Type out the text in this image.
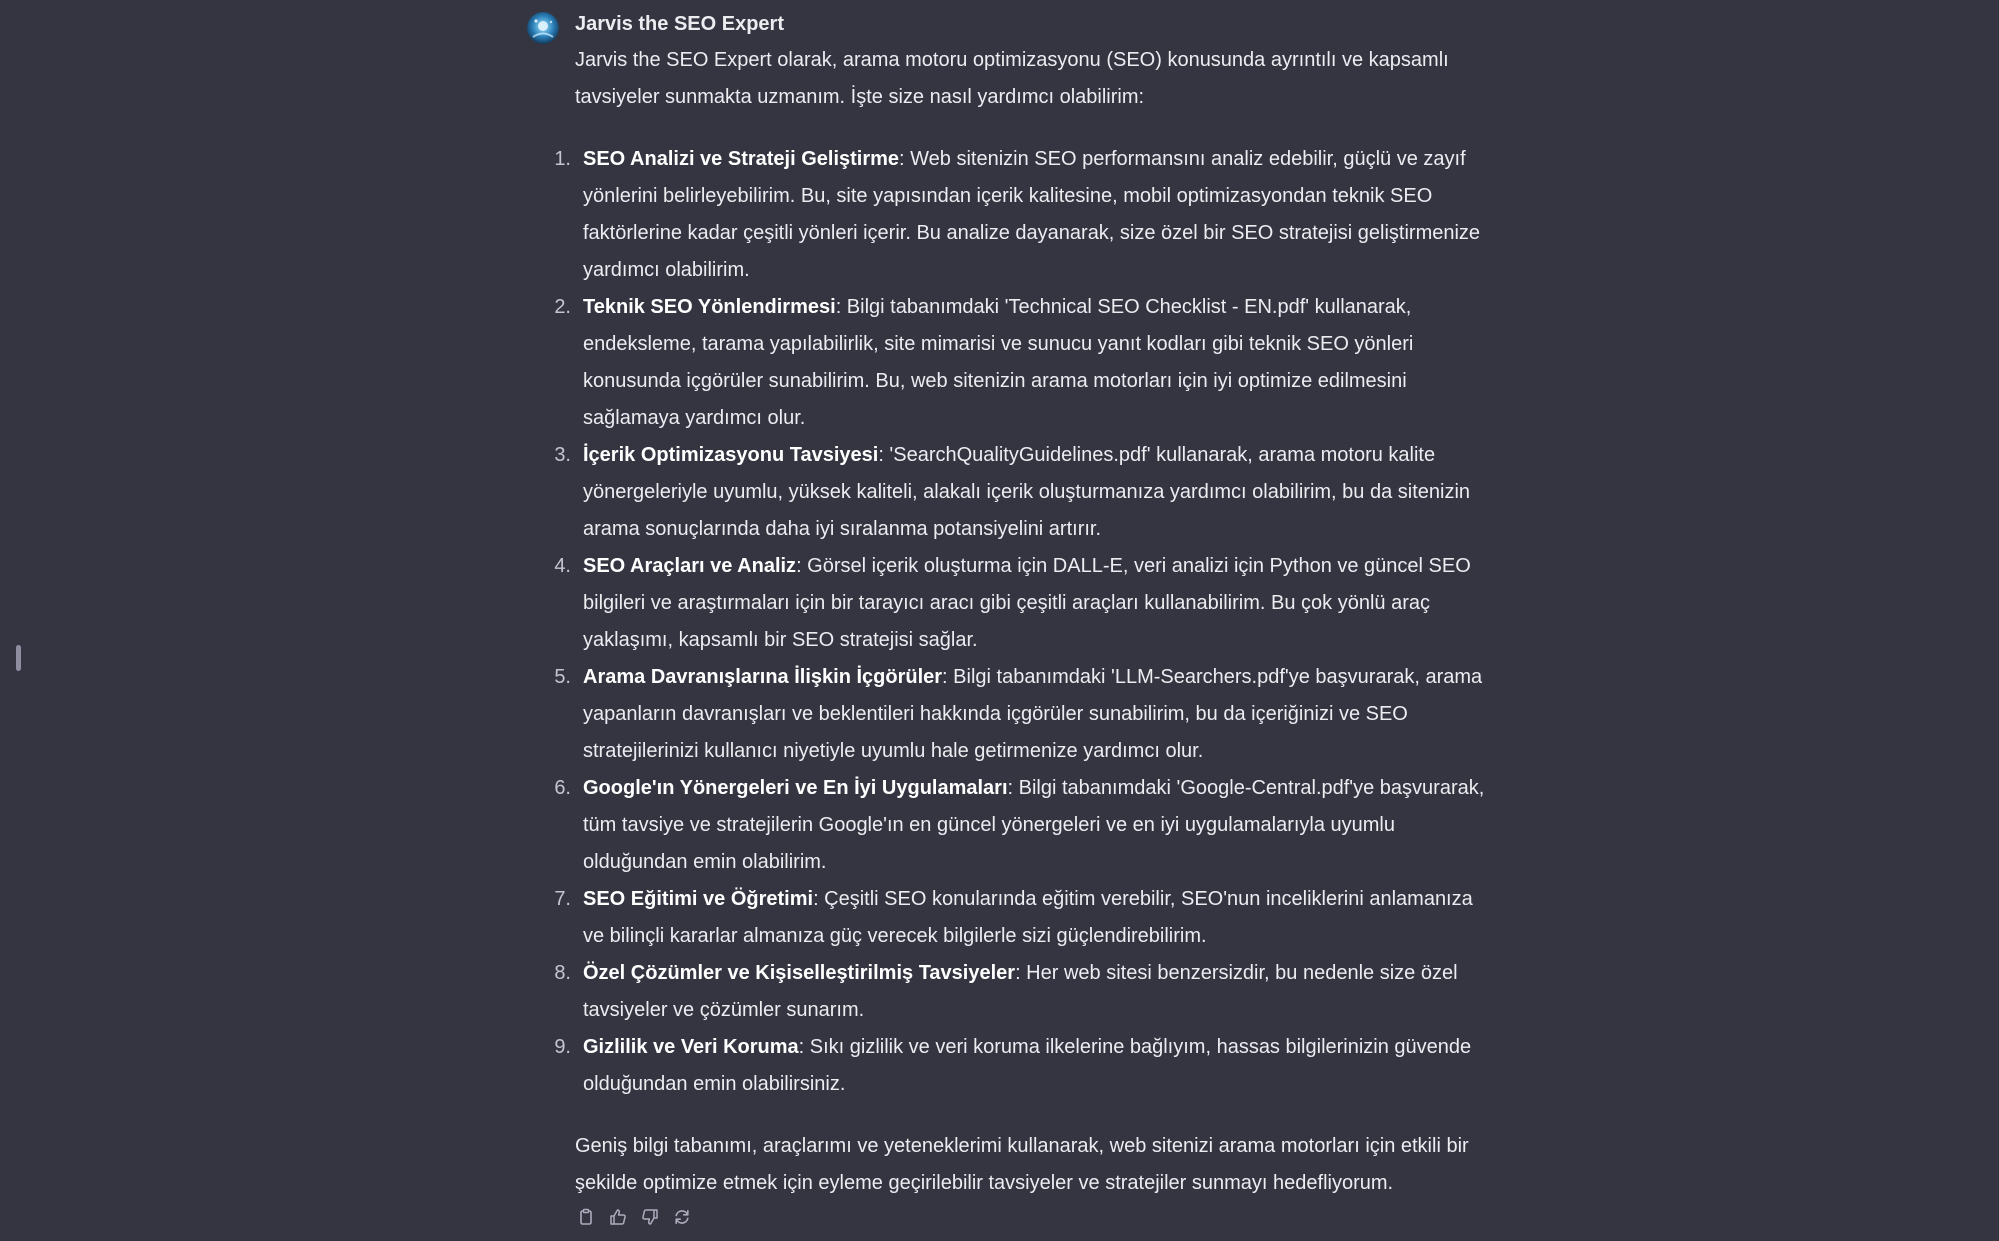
Jarvis the SEO Expert

Jarvis the SEO Expert olarak, arama motoru optimizasyonu (SEO) konusunda ayrıntılı ve kapsamlı tavsiyeler sunmakta uzmanım. İşte size nasıl yardımcı olabilirim:

1. SEO Analizi ve Strateji Geliştirme: Web sitenizin SEO performansını analiz edebilir, güçlü ve zayıf yönlerini belirleyebilirim. Bu, site yapısından içerik kalitesine, mobil optimizasyondan teknik SEO faktörlerine kadar çeşitli yönleri içerir. Bu analize dayanarak, size özel bir SEO stratejisi geliştirmenize yardımcı olabilirim.
2. Teknik SEO Yönlendirmesi: Bilgi tabanımdaki 'Technical SEO Checklist - EN.pdf' kullanarak, endeksleme, tarama yapılabilirlik, site mimarisi ve sunucu yanıt kodları gibi teknik SEO yönleri konusunda içgörüler sunabilirim. Bu, web sitenizin arama motorları için iyi optimize edilmesini sağlamaya yardımcı olur.
3. İçerik Optimizasyonu Tavsiyesi: 'SearchQualityGuidelines.pdf' kullanarak, arama motoru kalite yönergeleriyle uyumlu, yüksek kaliteli, alakalı içerik oluşturmanıza yardımcı olabilirim, bu da sitenizin arama sonuçlarında daha iyi sıralanma potansiyelini artırır.
4. SEO Araçları ve Analiz: Görsel içerik oluşturma için DALL-E, veri analizi için Python ve güncel SEO bilgileri ve araştırmaları için bir tarayıcı aracı gibi çeşitli araçları kullanabilirim. Bu çok yönlü araç yaklaşımı, kapsamlı bir SEO stratejisi sağlar.
5. Arama Davranışlarına İlişkin İçgörüler: Bilgi tabanımdaki 'LLM-Searchers.pdf'ye başvurarak, arama yapanların davranışları ve beklentileri hakkında içgörüler sunabilirim, bu da içeriğinizi ve SEO stratejilerinizi kullanıcı niyetiyle uyumlu hale getirmenize yardımcı olur.
6. Google'ın Yönergeleri ve En İyi Uygulamaları: Bilgi tabanımdaki 'Google-Central.pdf'ye başvurarak, tüm tavsiye ve stratejilerin Google'ın en güncel yönergeleri ve en iyi uygulamalarıyla uyumlu olduğundan emin olabilirim.
7. SEO Eğitimi ve Öğretimi: Çeşitli SEO konularında eğitim verebilir, SEO'nun inceliklerini anlamanıza ve bilinçli kararlar almanıza güç verecek bilgilerle sizi güçlendirebilirim.
8. Özel Çözümler ve Kişiselleştirilmiş Tavsiyeler: Her web sitesi benzersizdir, bu nedenle size özel tavsiyeler ve çözümler sunarım.
9. Gizlilik ve Veri Koruma: Sıkı gizlilik ve veri koruma ilkelerine bağlıyım, hassas bilgilerinizin güvende olduğundan emin olabilirsiniz.

Geniş bilgi tabanımı, araçlarımı ve yeteneklerimi kullanarak, web sitenizi arama motorları için etkili bir şekilde optimize etmek için eyleme geçirilebilir tavsiyeler ve stratejiler sunmayı hedefliyorum.
